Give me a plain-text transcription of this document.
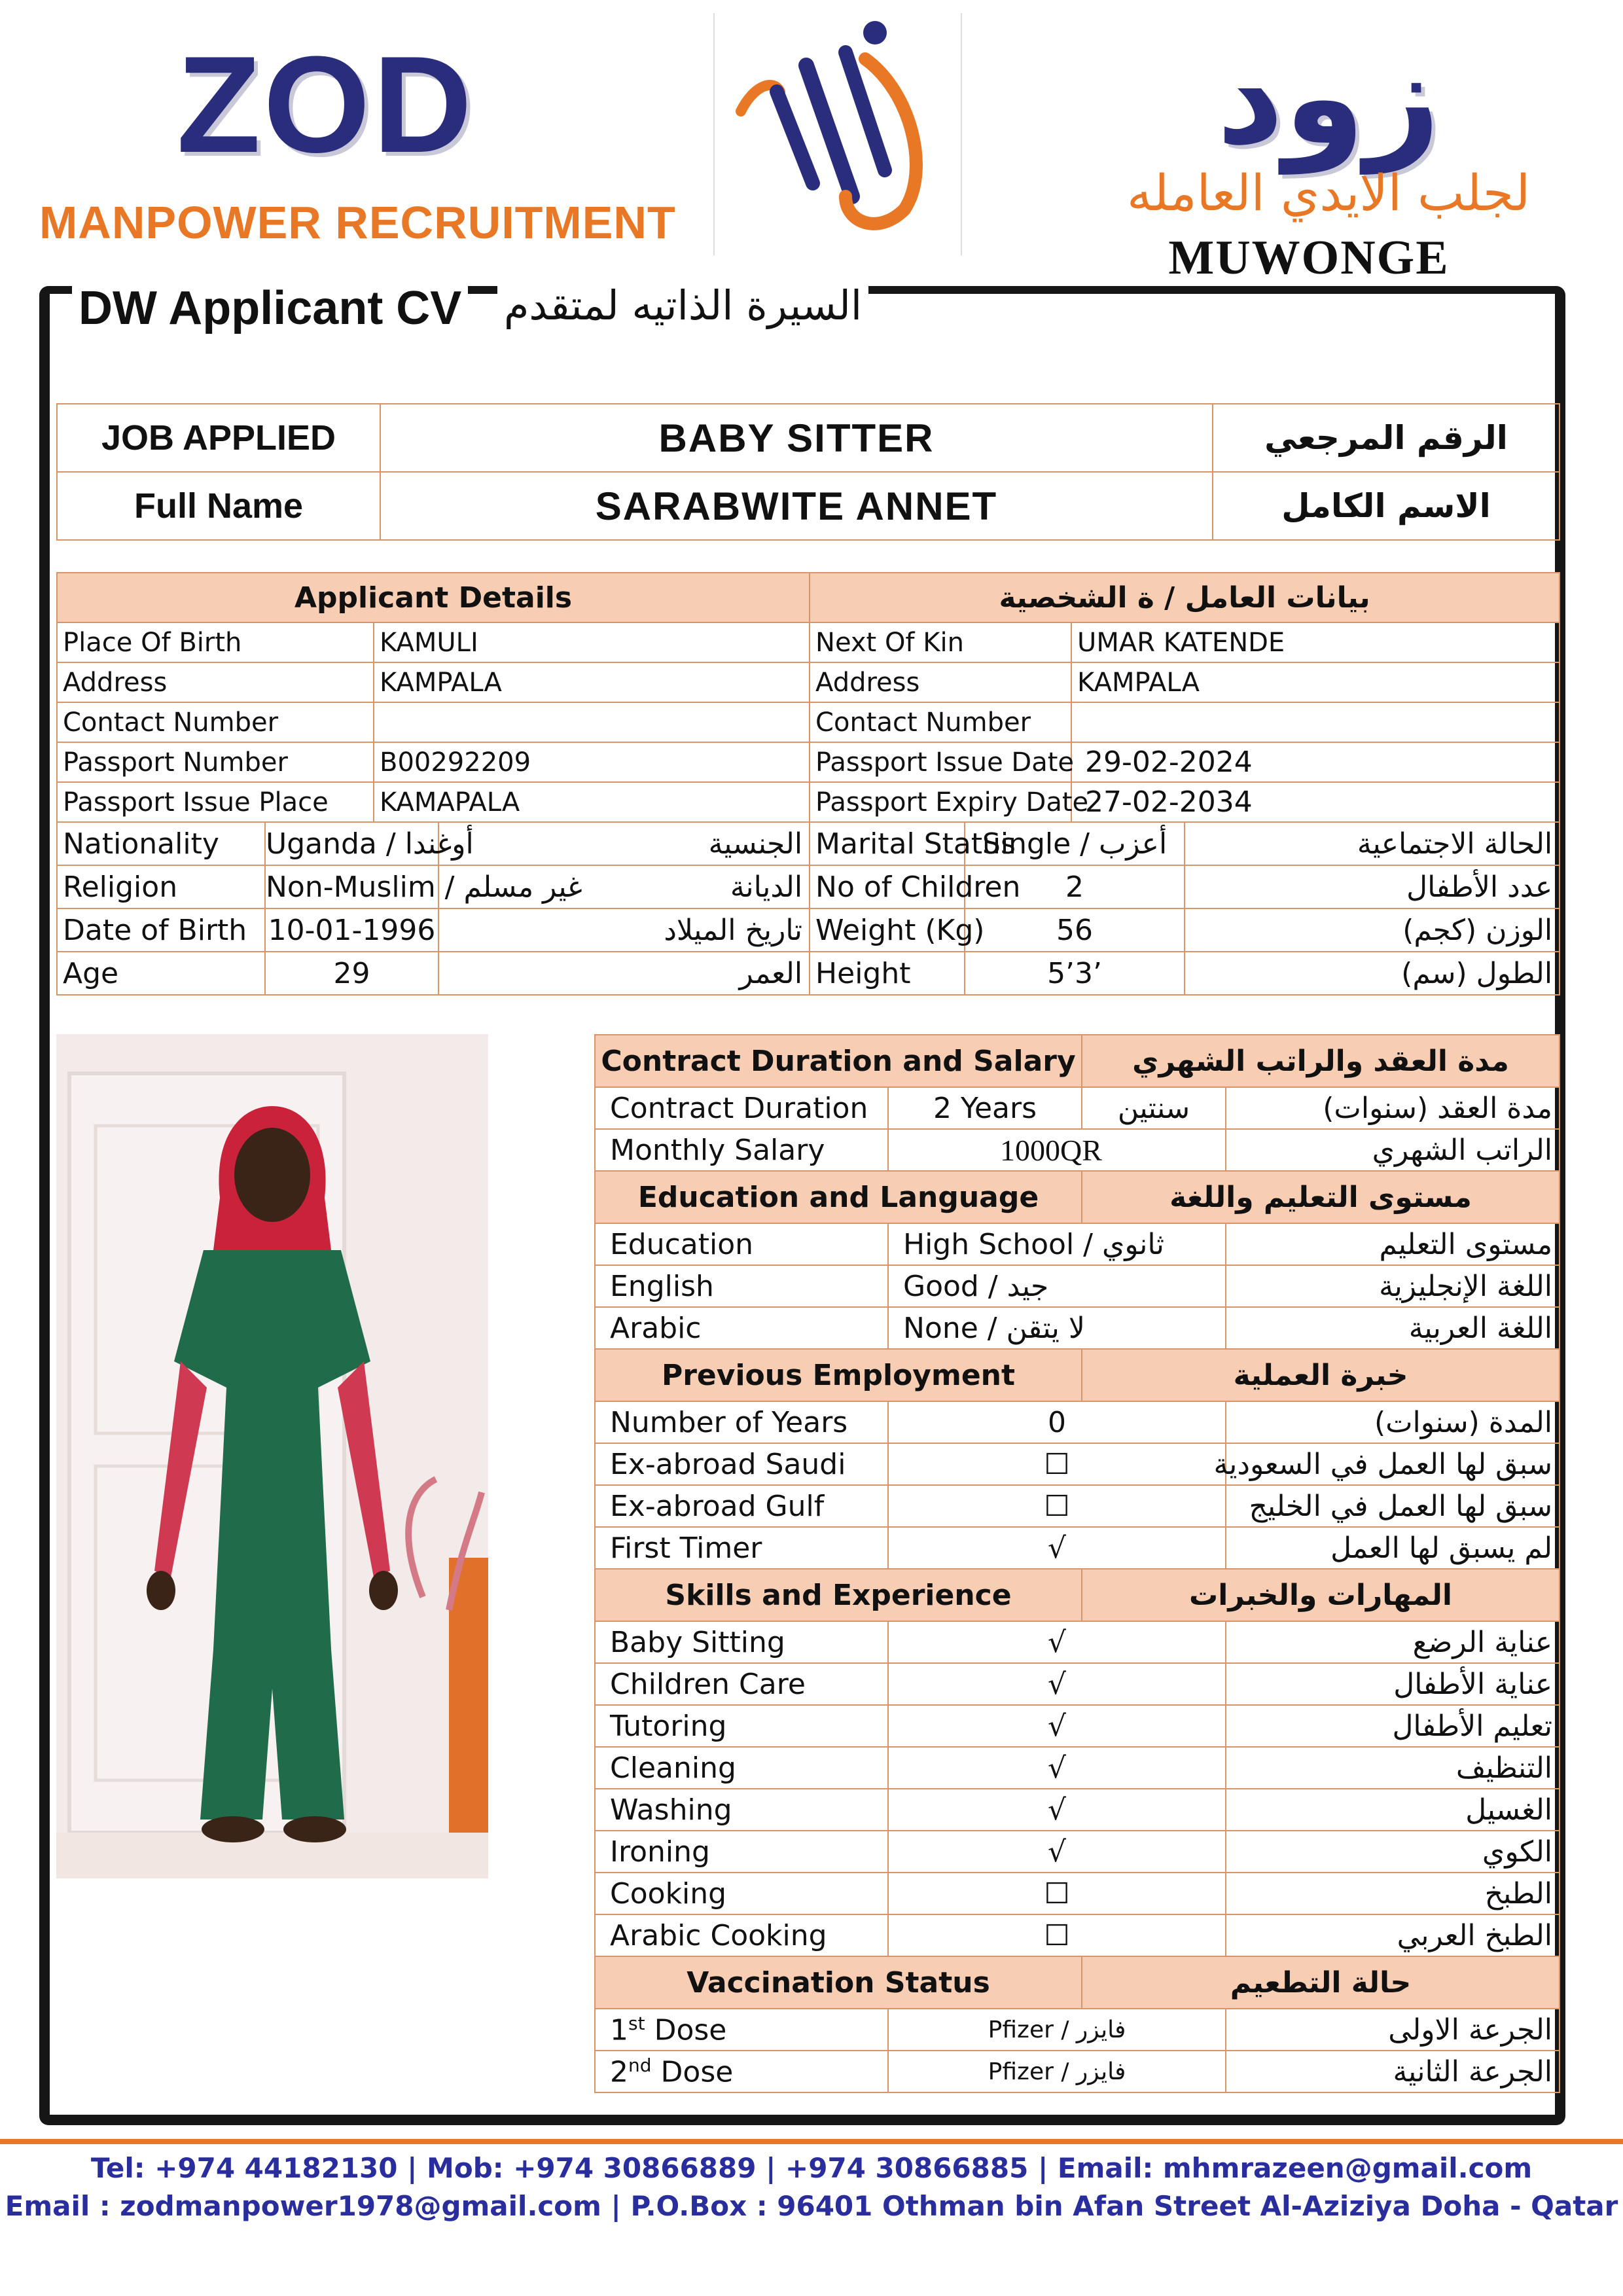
ZOD
MANPOWER RECRUITMENT
زود
لجلب الايدي العامله
MUWONGE
DW Applicant CV السيرة الذاتيه لمتقدم
JOB APPLIED	BABY SITTER	الرقم المرجعي
Full Name	SARABWITE ANNET	الاسم الكامل
Applicant Details				بيانات العامل / ة الشخصية			
Place Of Birth		KAMULI		Next Of Kin		UMAR KATENDE	
Address		KAMPALA		Address		KAMPALA	
Contact Number				Contact Number			
Passport Number		B00292209		Passport Issue Date		29-02-2024	
Passport Issue Place		KAMAPALA		Passport Expiry Date		27-02-2034	
Nationality	Uganda / أوغندا		الجنسية	Marital Status	Single / أعزب		الحالة الاجتماعية
Religion	Non-Muslim / غير مسلم		الديانة	No of Children	2		عدد الأطفال
Date of Birth	10-01-1996		تاريخ الميلاد	Weight (Kg)	56		الوزن (كجم)
Age	29		العمر	Height	5’3’		الطول (سم)
Contract Duration and Salary		مدة العقد والراتب الشهري	
Contract Duration	2 Years	سنتين	مدة العقد (سنوات)
Monthly Salary	1000QR		الراتب الشهري
Education and Language		مستوى التعليم واللغة	
Education	High School / ثانوي		مستوى التعليم
English	Good / جيد		اللغة الإنجليزية
Arabic	None / لا يتقن		اللغة العربية
Previous Employment		خبرة العملية	
Number of Years	0		المدة (سنوات)
Ex-abroad Saudi	☐		سبق لها العمل في السعودية
Ex-abroad Gulf	☐		سبق لها العمل في الخليج
First Timer	√		لم يسبق لها العمل
Skills and Experience		المهارات والخبرات	
Baby Sitting	√		عناية الرضع
Children Care	√		عناية الأطفال
Tutoring	√		تعليم الأطفال
Cleaning	√		التنظيف
Washing	√		الغسيل
Ironing	√		الكوي
Cooking	☐		الطبخ
Arabic Cooking	☐		الطبخ العربي
Vaccination Status		حالة التطعيم	
1st Dose	Pfizer / فايزر		الجرعة الاولى
2nd Dose	Pfizer / فايزر		الجرعة الثانية
Tel: +974 44182130 | Mob: +974 30866889 | +974 30866885 | Email: mhmrazeen@gmail.com
Email : zodmanpower1978@gmail.com | P.O.Box : 96401 Othman bin Afan Street Al-Aziziya Doha - Qatar
